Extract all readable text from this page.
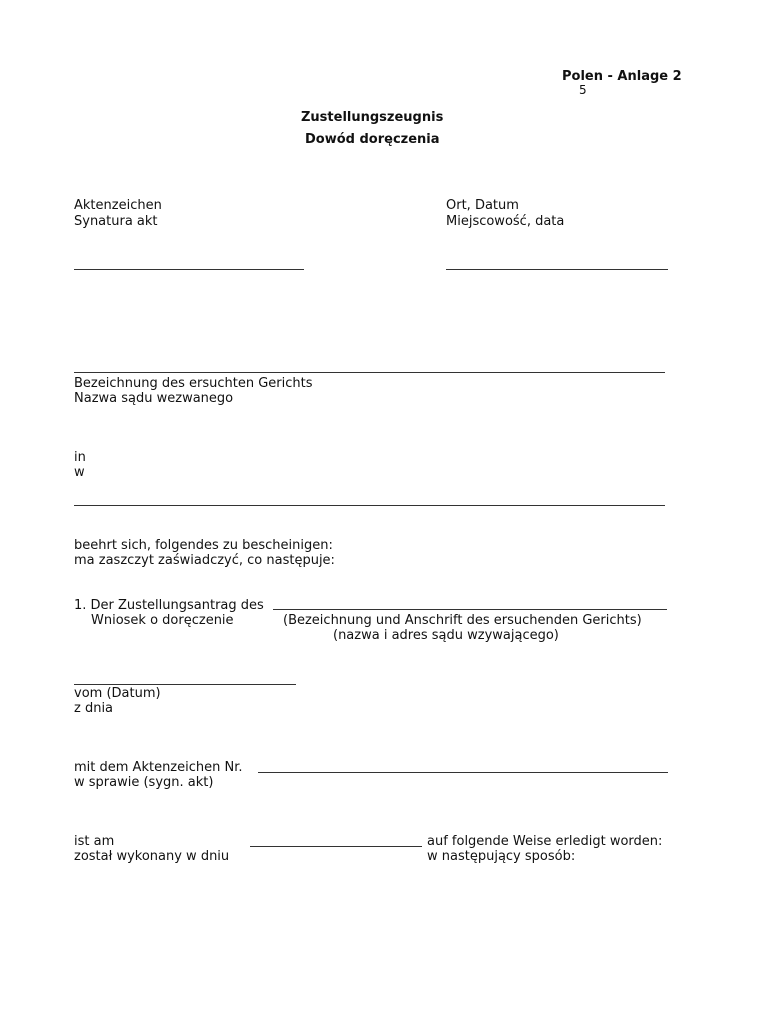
Polen - Anlage 2
5
Zustellungszeugnis
Dowód doręczenia
Aktenzeichen
Synatura akt
Ort, Datum
Miejscowość, data
Bezeichnung des ersuchten Gerichts
Nazwa sądu wezwanego
in
w
beehrt sich, folgendes zu bescheinigen:
ma zaszczyt zaświadczyć, co następuje:
1. Der Zustellungsantrag des
Wniosek o doręczenie	(Bezeichnung und Anschrift des ersuchenden Gerichts)
(nazwa i adres sądu wzywającego)
vom (Datum)
z dnia
mit dem Aktenzeichen Nr.
w sprawie (sygn. akt)
ist am
został wykonany w dniu
auf folgende Weise erledigt worden:
w następujący sposób:
